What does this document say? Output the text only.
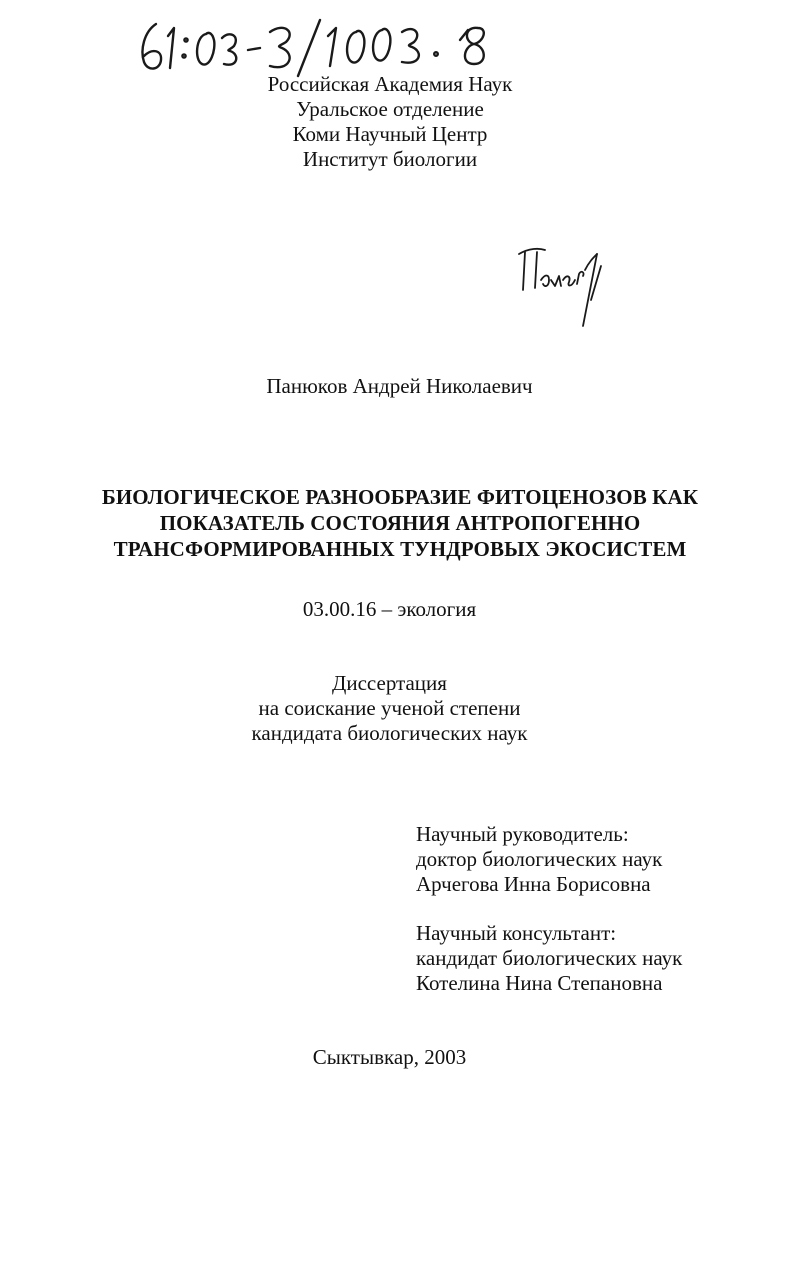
Российская Академия Наук
Уральское отделение
Коми Научный Центр
Институт биологии
Панюков Андрей Николаевич
БИОЛОГИЧЕСКОЕ РАЗНООБРАЗИЕ ФИТОЦЕНОЗОВ КАК
ПОКАЗАТЕЛЬ СОСТОЯНИЯ АНТРОПОГЕННО
ТРАНСФОРМИРОВАННЫХ ТУНДРОВЫХ ЭКОСИСТЕМ
03.00.16 – экология
Диссертация
на соискание ученой степени
кандидата биологических наук
Научный руководитель:
доктор биологических наук
Арчегова Инна Борисовна
Научный консультант:
кандидат биологических наук
Котелина Нина Степановна
Сыктывкар, 2003
